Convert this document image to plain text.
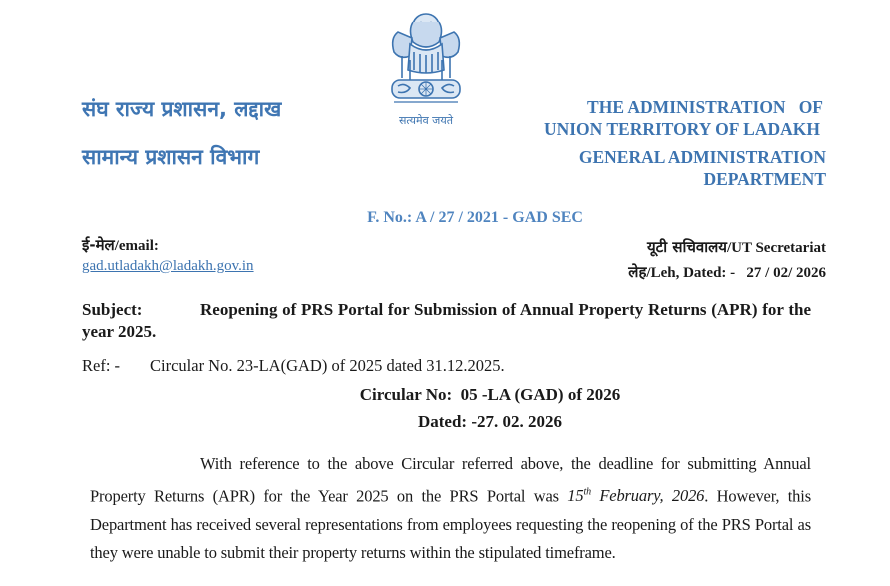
संघ राज्य प्रशासन, लद्दाख
सामान्य प्रशासन विभाग
सत्यमेव जयते
THE ADMINISTRATION   OF
UNION TERRITORY OF LADAKH
GENERAL ADMINISTRATION
DEPARTMENT
F. No.: A / 27 / 2021 - GAD SEC
ई-मेल/email:
gad.utladakh@ladakh.gov.in
यूटी सचिवालय/UT Secretariat
लेह/Leh, Dated: -   27 / 02/ 2026
Subject:	Reopening of PRS Portal for Submission of Annual Property Returns (APR) for the year 2025.
Ref: - Circular No. 23-LA(GAD) of 2025 dated 31.12.2025.
Circular No:  05 -LA (GAD) of 2026
Dated: -27. 02. 2026
With reference to the above Circular referred above, the deadline for submitting Annual Property Returns (APR) for the Year 2025 on the PRS Portal was 15th February, 2026. However, this Department has received several representations from employees requesting the reopening of the PRS Portal as they were unable to submit their property returns within the stipulated timeframe.
